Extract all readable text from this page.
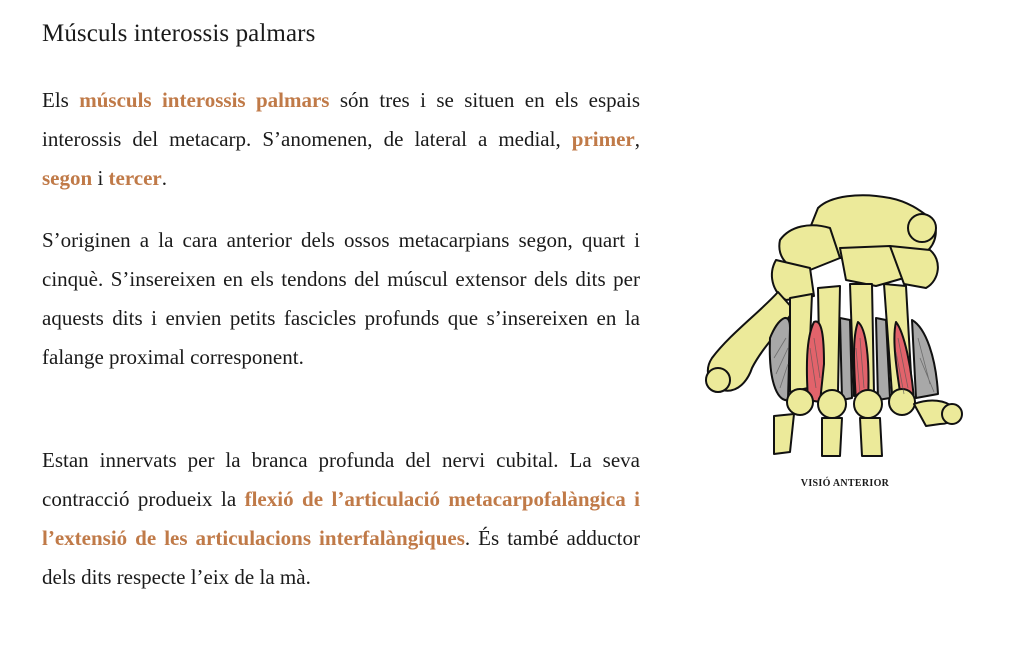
Músculs interossis palmars

Els músculs interossis palmars són tres i se situen en els espais interossis del metacarp. S’anomenen, de lateral a medial, primer, segon i tercer.

S’originen a la cara anterior dels ossos metacarpians segon, quart i cinquè. S’insereixen en els tendons del múscul extensor dels dits per aquests dits i envien petits fascicles profunds que s’insereixen en la falange proximal corresponent.

Estan innervats per la branca profunda del nervi cubital. La seva contracció produeix la flexió de l’articulació metacarpofalàngica i l’extensió de les articulacions interfalàngiques. És també adductor dels dits respecte l’eix de la mà.

VISIÓ ANTERIOR
